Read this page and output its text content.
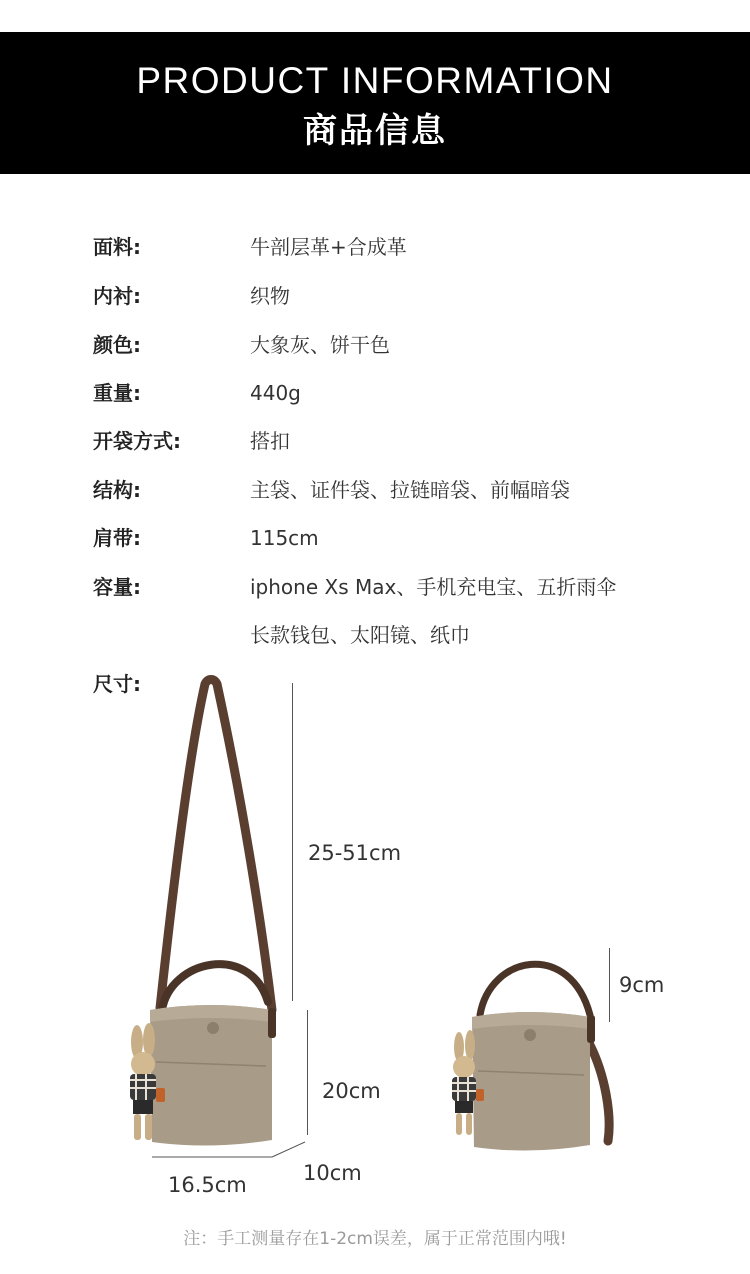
PRODUCT INFORMATION
商品信息
面料:	牛剖层革+合成革
内衬:	织物
颜色:	大象灰、饼干色
重量:	440g
开袋方式:	搭扣
结构:	主袋、证件袋、拉链暗袋、前幅暗袋
肩带:	115cm
容量:	iphone Xs Max、手机充电宝、五折雨伞
长款钱包、太阳镜、纸巾
尺寸:
25-51cm
20cm
16.5cm	10cm
9cm
注：手工测量存在1-2cm误差，属于正常范围内哦!
